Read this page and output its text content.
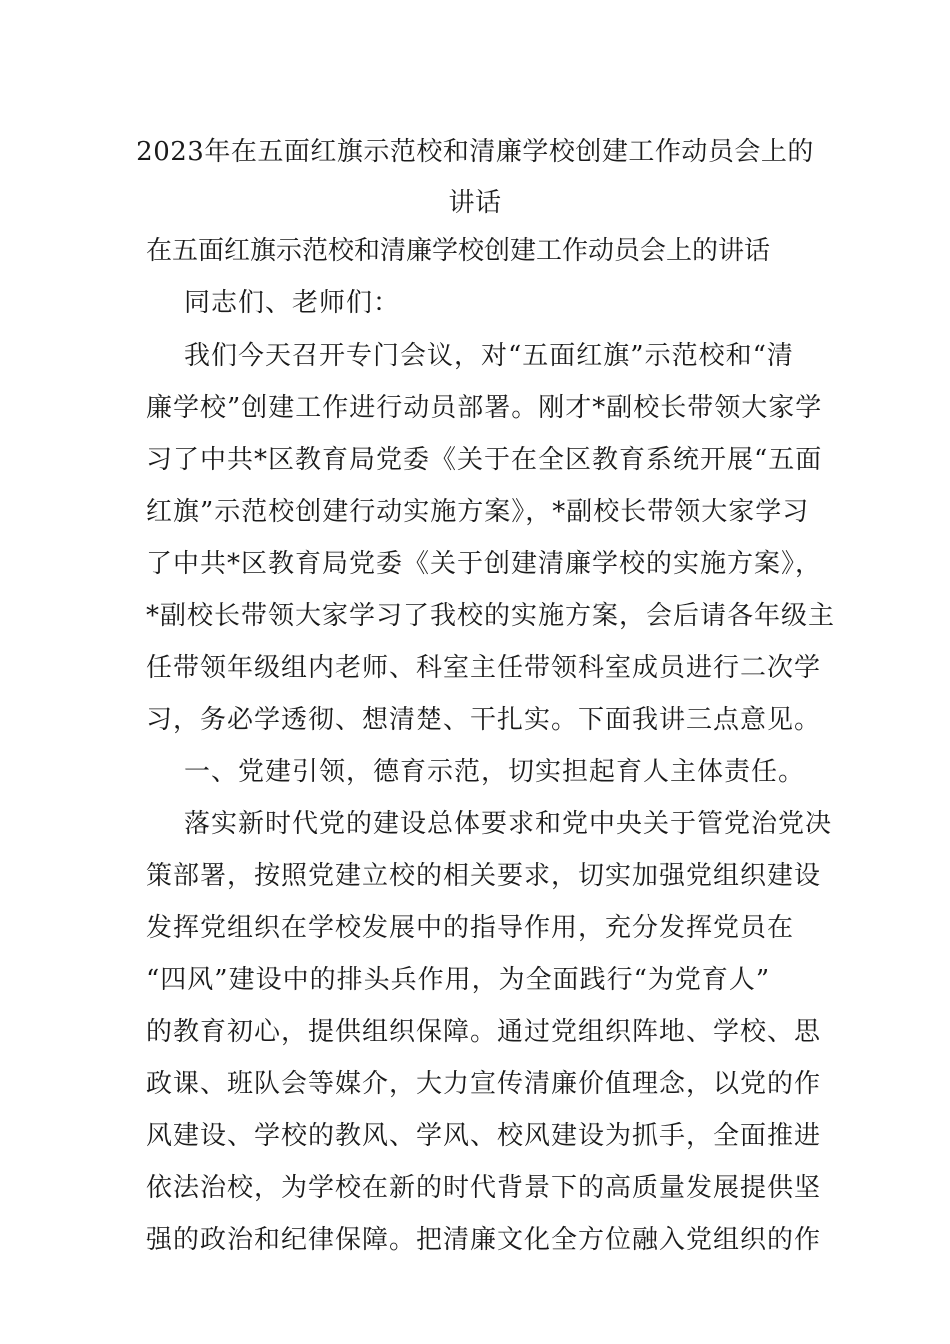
2023年在五面红旗示范校和清廉学校创建工作动员会上的
讲话
在五面红旗示范校和清廉学校创建工作动员会上的讲话
同志们、老师们：
我们今天召开专门会议，对“五面红旗”示范校和“清
廉学校”创建工作进行动员部署。刚才*副校长带领大家学
习了中共*区教育局党委《关于在全区教育系统开展“五面
红旗”示范校创建行动实施方案》，*副校长带领大家学习
了中共*区教育局党委《关于创建清廉学校的实施方案》，
*副校长带领大家学习了我校的实施方案，会后请各年级主
任带领年级组内老师、科室主任带领科室成员进行二次学
习，务必学透彻、想清楚、干扎实。下面我讲三点意见。
一、党建引领，德育示范，切实担起育人主体责任。
落实新时代党的建设总体要求和党中央关于管党治党决
策部署，按照党建立校的相关要求，切实加强党组织建设
发挥党组织在学校发展中的指导作用，充分发挥党员在
“四风”建设中的排头兵作用，为全面践行“为党育人”
的教育初心，提供组织保障。通过党组织阵地、学校、思
政课、班队会等媒介，大力宣传清廉价值理念，以党的作
风建设、学校的教风、学风、校风建设为抓手，全面推进
依法治校，为学校在新的时代背景下的高质量发展提供坚
强的政治和纪律保障。把清廉文化全方位融入党组织的作
